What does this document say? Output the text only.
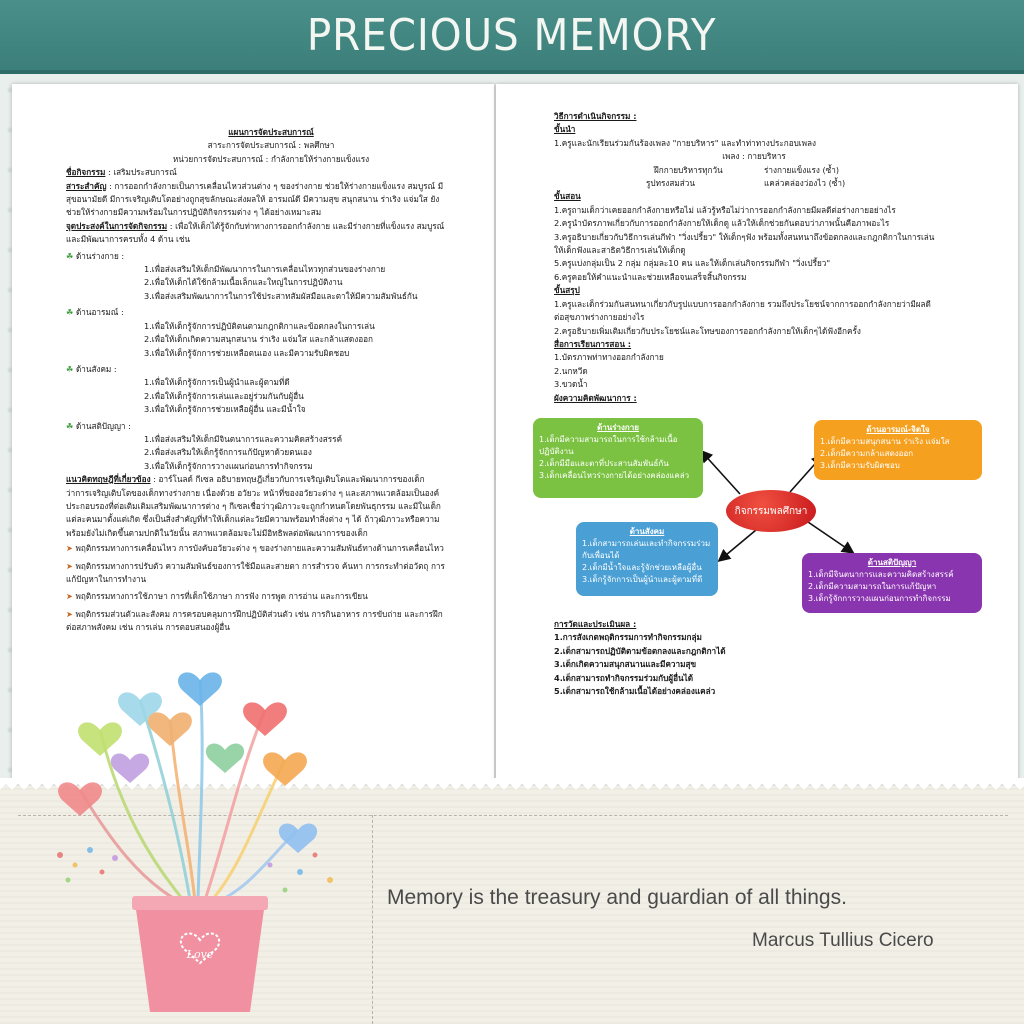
PRECIOUS MEMORY

แผนการจัดประสบการณ์

สาระการจัดประสบการณ์ : พลศึกษา

หน่วยการจัดประสบการณ์ : กำลังกายให้ร่างกายแข็งแรง

ชื่อกิจกรรม : เสริมประสบการณ์

สาระสำคัญ : การออกกำลังกายเป็นการเคลื่อนไหวส่วนต่าง ๆ ของร่างกาย ช่วยให้ร่างกายแข็งแรง สมบูรณ์ มี

สุขอนามัยดี มีการเจริญเติบโตอย่างถูกสุขลักษณะส่งผลให้ อารมณ์ดี มีความสุข สนุกสนาน ร่าเริง แจ่มใส ยัง

ช่วยให้ร่างกายมีความพร้อมในการปฏิบัติกิจกรรมต่าง ๆ ได้อย่างเหมาะสม

จุดประสงค์ในการจัดกิจกรรม : เพื่อให้เด็กได้รู้จักกับท่าทางการออกกำลังกาย และมีร่างกายที่แข็งแรง สมบูรณ์

และมีพัฒนาการครบทั้ง 4 ด้าน เช่น

☘ ด้านร่างกาย :

1.เพื่อส่งเสริมให้เด็กมีพัฒนาการในการเคลื่อนไหวทุกส่วนของร่างกาย

2.เพื่อให้เด็กได้ใช้กล้ามเนื้อเล็กและใหญ่ในการปฏิบัติงาน

3.เพื่อส่งเสริมพัฒนาการในการใช้ประสาทสัมผัสมือและตาให้มีความสัมพันธ์กัน

☘ ด้านอารมณ์ :

1.เพื่อให้เด็กรู้จักการปฏิบัติตนตามกฎกติกาและข้อตกลงในการเล่น

2.เพื่อให้เด็กเกิดความสนุกสนาน ร่าเริง แจ่มใส และกล้าแสดงออก

3.เพื่อให้เด็กรู้จักการช่วยเหลือตนเอง และมีความรับผิดชอบ

☘ ด้านสังคม :

1.เพื่อให้เด็กรู้จักการเป็นผู้นำและผู้ตามที่ดี

2.เพื่อให้เด็กรู้จักการเล่นและอยู่ร่วมกันกับผู้อื่น

3.เพื่อให้เด็กรู้จักการช่วยเหลือผู้อื่น และมีน้ำใจ

☘ ด้านสติปัญญา :

1.เพื่อส่งเสริมให้เด็กมีจินตนาการและความคิดสร้างสรรค์

2.เพื่อส่งเสริมให้เด็กรู้จักการแก้ปัญหาด้วยตนเอง

3.เพื่อให้เด็กรู้จักการวางแผนก่อนการทำกิจกรรม

แนวคิดทฤษฎีที่เกี่ยวข้อง : อาร์โนลด์ กีเซล อธิบายทฤษฎีเกี่ยวกับการเจริญเติบโตและพัฒนาการของเด็ก

ว่าการเจริญเติบโตของเด็กทางร่างกาย เนื่องด้วย อวัยวะ หน้าที่ของอวัยวะต่าง ๆ และสภาพแวดล้อมเป็นองค์

ประกอบรองที่ต่อเติมเติมเสริมพัฒนาการต่าง ๆ กีเซลเชื่อว่าวุฒิภาวะจะถูกกำหนดโดยพันธุกรรม และมีในเด็ก

แต่ละคนมาตั้งแต่เกิด ซึ่งเป็นสิ่งสำคัญที่ทำให้เด็กแต่ละวัยมีความพร้อมทำสิ่งต่าง ๆ ได้ ถ้าวุฒิภาวะหรือความ

พร้อมยังไม่เกิดขึ้นตามปกติในวัยนั้น สภาพแวดล้อมจะไม่มีอิทธิพลต่อพัฒนาการของเด็ก

➤ พฤติกรรมทางการเคลื่อนไหว การบังคับอวัยวะต่าง ๆ ของร่างกายและความสัมพันธ์ทางด้านการเคลื่อนไหว

➤ พฤติกรรมทางการปรับตัว ความสัมพันธ์ของการใช้มือและสายตา การสำรวจ ค้นหา การกระทำต่อวัตถุ การ

แก้ปัญหาในการทำงาน

➤ พฤติกรรมทางการใช้ภาษา การที่เด็กใช้ภาษา การฟัง การพูด การอ่าน และการเขียน

➤ พฤติกรรมส่วนตัวและสังคม การครอบคลุมการฝึกปฏิบัติส่วนตัว เช่น การกินอาหาร การขับถ่าย และการฝึก

ต่อสภาพสังคม เช่น การเล่น การตอบสนองผู้อื่น

วิธีการดำเนินกิจกรรม :

ขั้นนำ

1.ครูและนักเรียนร่วมกันร้องเพลง "กายบริหาร" และทำท่าทางประกอบเพลง

เพลง : กายบริหาร

ฝึกกายบริหารทุกวัน	ร่างกายแข็งแรง (ซ้ำ)

รูปทรงสมส่วน	แคล่วคล่องว่องไว (ซ้ำ)

ขั้นสอน

1.ครูถามเด็กว่าเคยออกกำลังกายหรือไม่ แล้วรู้หรือไม่ว่าการออกกำลังกายมีผลดีต่อร่างกายอย่างไร

2.ครูนำบัตรภาพเกี่ยวกับการออกกำลังกายให้เด็กดู แล้วให้เด็กช่วยกันตอบว่าภาพนั้นคือภาพอะไร

3.ครูอธิบายเกี่ยวกับวิธีการเล่นกีฬา "วิ่งเปรี้ยว" ให้เด็กๆฟัง พร้อมทั้งสนทนาถึงข้อตกลงและกฎกติกาในการเล่น

ให้เด็กฟังและสาธิตวิธีการเล่นให้เด็กดู

5.ครูแบ่งกลุ่มเป็น 2 กลุ่ม กลุ่มละ10 คน และให้เด็กเล่นกิจกรรมกีฬา "วิ่งเปรี้ยว"

6.ครูคอยให้คำแนะนำและช่วยเหลือจนเสร็จสิ้นกิจกรรม

ขั้นสรุป

1.ครูและเด็กร่วมกันสนทนาเกี่ยวกับรูปแบบการออกกำลังกาย รวมถึงประโยชน์จากการออกกำลังกายว่ามีผลดี

ต่อสุขภาพร่างกายอย่างไร

2.ครูอธิบายเพิ่มเติมเกี่ยวกับประโยชน์และโทษของการออกกำลังกายให้เด็กๆได้ฟังอีกครั้ง

สื่อการเรียนการสอน :

1.บัตรภาพท่าทางออกกำลังกาย

2.นกหวีด

3.ขวดน้ำ

ผังความคิดพัฒนาการ :

ด้านร่างกาย
1.เด็กมีความสามารถในการใช้กล้ามเนื้อ
ปฏิบัติงาน
2.เด็กมีมือและตาที่ประสานสัมพันธ์กัน
3.เด็กเคลื่อนไหวร่างกายได้อย่างคล่องแคล่ว
ด้านอารมณ์-จิตใจ
1.เด็กมีความสนุกสนาน ร่าเริง แจ่มใส
2.เด็กมีความกล้าแสดงออก
3.เด็กมีความรับผิดชอบ
กิจกรรมพลศึกษา
ด้านสังคม
1.เด็กสามารถเล่นและทำกิจกรรมร่วม
กับเพื่อนได้
2.เด็กมีน้ำใจและรู้จักช่วยเหลือผู้อื่น
3.เด็กรู้จักการเป็นผู้นำและผู้ตามที่ดี
ด้านสติปัญญา
1.เด็กมีจินตนาการและความคิดสร้างสรรค์
2.เด็กมีความสามารถในการแก้ปัญหา
3.เด็กรู้จักการวางแผนก่อนการทำกิจกรรม

การวัดและประเมินผล :

1.การสังเกตพฤติกรรมการทำกิจกรรมกลุ่ม

2.เด็กสามารถปฏิบัติตามข้อตกลงและกฎกติกาได้

3.เด็กเกิดความสนุกสนานและมีความสุข

4.เด็กสามารถทำกิจกรรมร่วมกับผู้อื่นได้

5.เด็กสามารถใช้กล้ามเนื้อได้อย่างคล่องแคล่ว

Memory is the treasury and guardian of all things.
Marcus Tullius Cicero
Love
